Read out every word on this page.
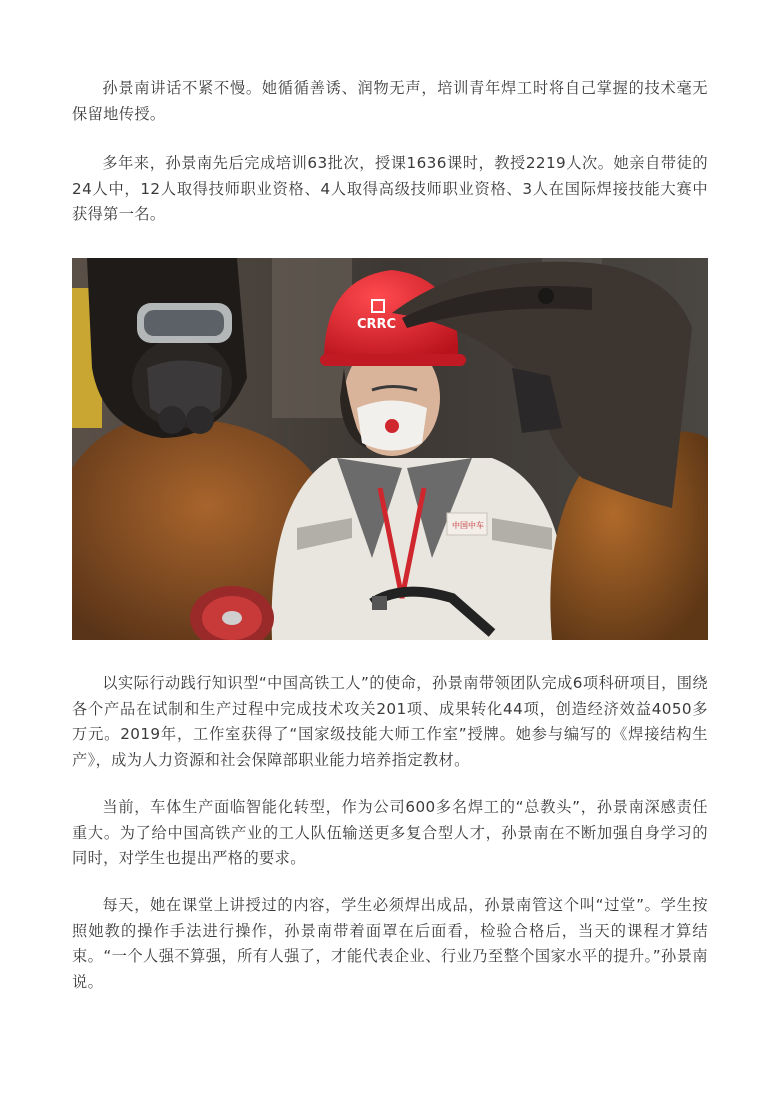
孙景南讲话不紧不慢。她循循善诱、润物无声，培训青年焊工时将自己掌握的技术毫无保留地传授。

多年来，孙景南先后完成培训63批次，授课1636课时，教授2219人次。她亲自带徒的24人中，12人取得技师职业资格、4人取得高级技师职业资格、3人在国际焊接技能大赛中获得第一名。

中国中车
CRRC

以实际行动践行知识型“中国高铁工人”的使命，孙景南带领团队完成6项科研项目，围绕各个产品在试制和生产过程中完成技术攻关201项、成果转化44项，创造经济效益4050多万元。2019年，工作室获得了“国家级技能大师工作室”授牌。她参与编写的《焊接结构生产》，成为人力资源和社会保障部职业能力培养指定教材。

当前，车体生产面临智能化转型，作为公司600多名焊工的“总教头”，孙景南深感责任重大。为了给中国高铁产业的工人队伍输送更多复合型人才，孙景南在不断加强自身学习的同时，对学生也提出严格的要求。

每天，她在课堂上讲授过的内容，学生必须焊出成品，孙景南管这个叫“过堂”。学生按照她教的操作手法进行操作，孙景南带着面罩在后面看，检验合格后，当天的课程才算结束。“一个人强不算强，所有人强了，才能代表企业、行业乃至整个国家水平的提升。”孙景南说。
